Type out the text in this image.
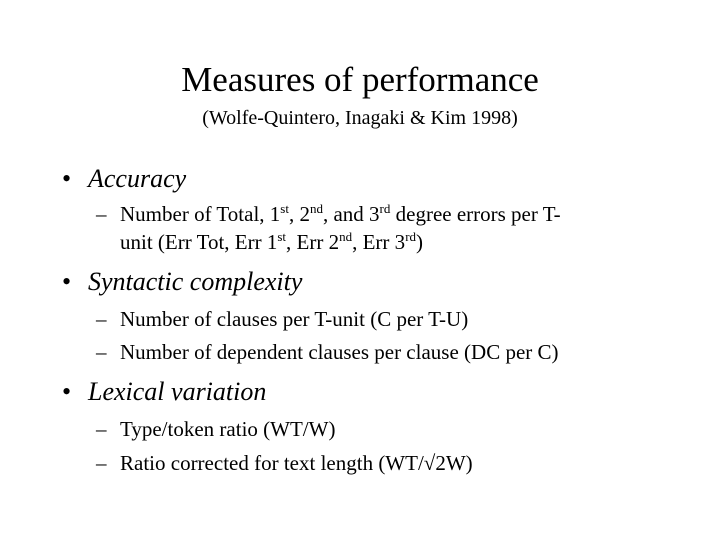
Measures of performance
(Wolfe-Quintero, Inagaki & Kim 1998)
• Accuracy
– Number of Total, 1st, 2nd, and 3rd degree errors per T-
unit (Err Tot, Err 1st, Err 2nd, Err 3rd)
• Syntactic complexity
– Number of clauses per T-unit (C per T-U)
– Number of dependent clauses per clause (DC per C)
• Lexical variation
– Type/token ratio (WT/W)
– Ratio corrected for text length (WT/√2W)
